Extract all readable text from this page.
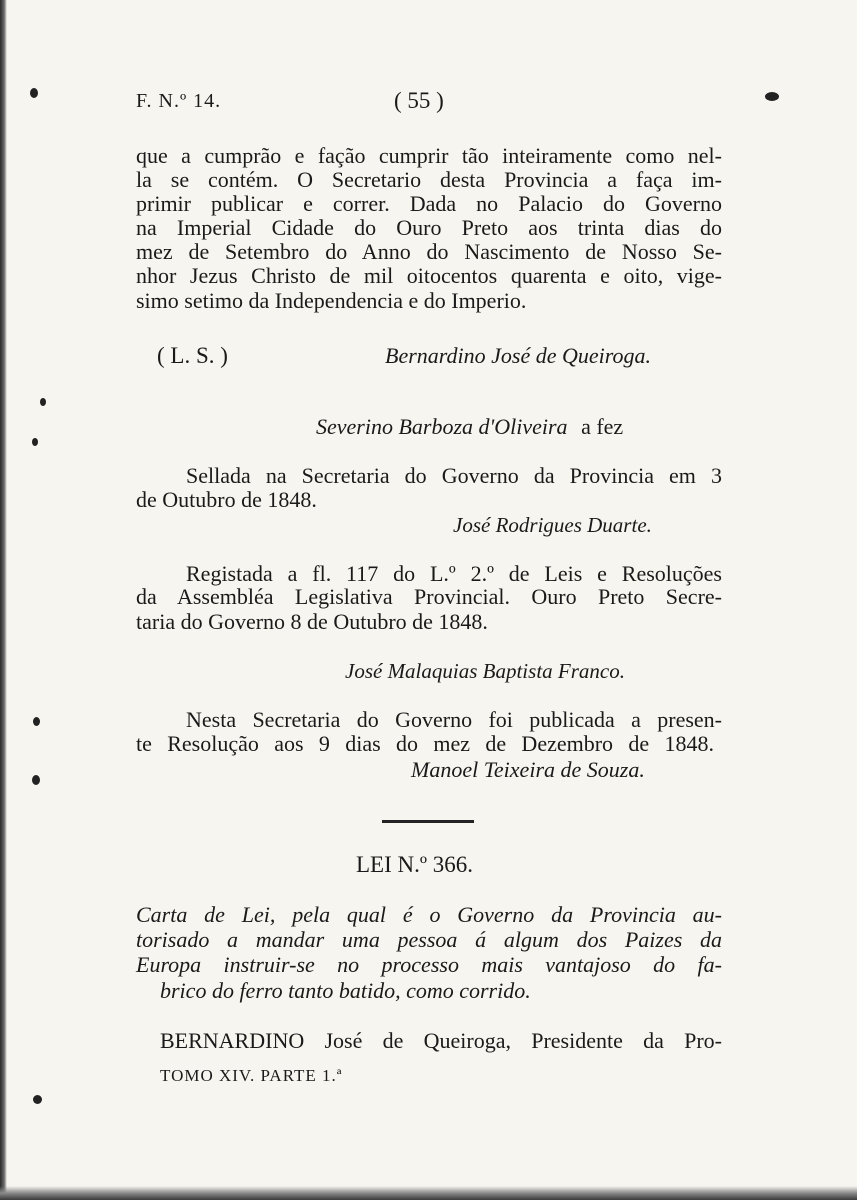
F. N.º 14.	( 55 )
que a cumprão e fação cumprir tão inteiramente como nel-
la se contém. O Secretario desta Provincia a faça im-
primir publicar e correr. Dada no Palacio do Governo
na Imperial Cidade do Ouro Preto aos trinta dias do
mez de Setembro do Anno do Nascimento de Nosso Se-
nhor Jezus Christo de mil oitocentos quarenta e oito, vige-
simo setimo da Independencia e do Imperio.
( L. S. )	Bernardino José de Queiroga.
Severino Barboza d'Oliveira a fez
Sellada na Secretaria do Governo da Provincia em 3
de Outubro de 1848.
José Rodrigues Duarte.
Registada a fl. 117 do L.º 2.º de Leis e Resoluções
da Assembléa Legislativa Provincial. Ouro Preto Secre-
taria do Governo 8 de Outubro de 1848.
José Malaquias Baptista Franco.
Nesta Secretaria do Governo foi publicada a presen-
te Resolução aos 9 dias do mez de Dezembro de 1848.
Manoel Teixeira de Souza.
LEI N.º 366.
Carta de Lei, pela qual é o Governo da Provincia au-
torisado a mandar uma pessoa á algum dos Paizes da
Europa instruir-se no processo mais vantajoso do fa-
brico do ferro tanto batido, como corrido.
BERNARDINO José de Queiroga, Presidente da Pro-
TOMO XIV. PARTE 1.ª
